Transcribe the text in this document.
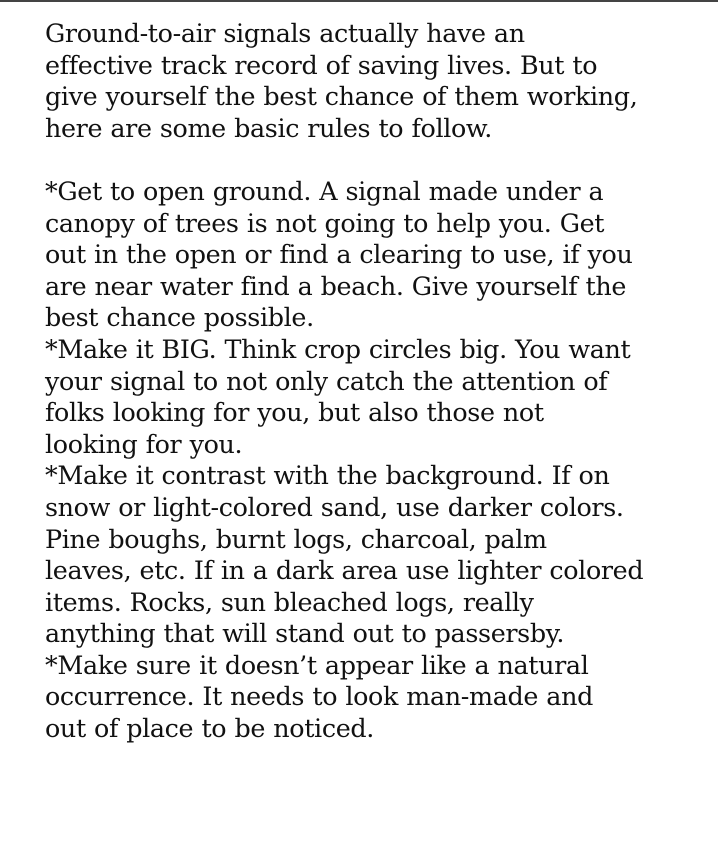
Ground-to-air signals actually have an
effective track record of saving lives. But to
give yourself the best chance of them working,
here are some basic rules to follow.

*Get to open ground. A signal made under a
canopy of trees is not going to help you. Get
out in the open or find a clearing to use, if you
are near water find a beach. Give yourself the
best chance possible.

*Make it BIG. Think crop circles big. You want
your signal to not only catch the attention of
folks looking for you, but also those not
looking for you.

*Make it contrast with the background. If on
snow or light-colored sand, use darker colors.
Pine boughs, burnt logs, charcoal, palm
leaves, etc. If in a dark area use lighter colored
items. Rocks, sun bleached logs, really
anything that will stand out to passersby.

*Make sure it doesn’t appear like a natural
occurrence. It needs to look man-made and
out of place to be noticed.
